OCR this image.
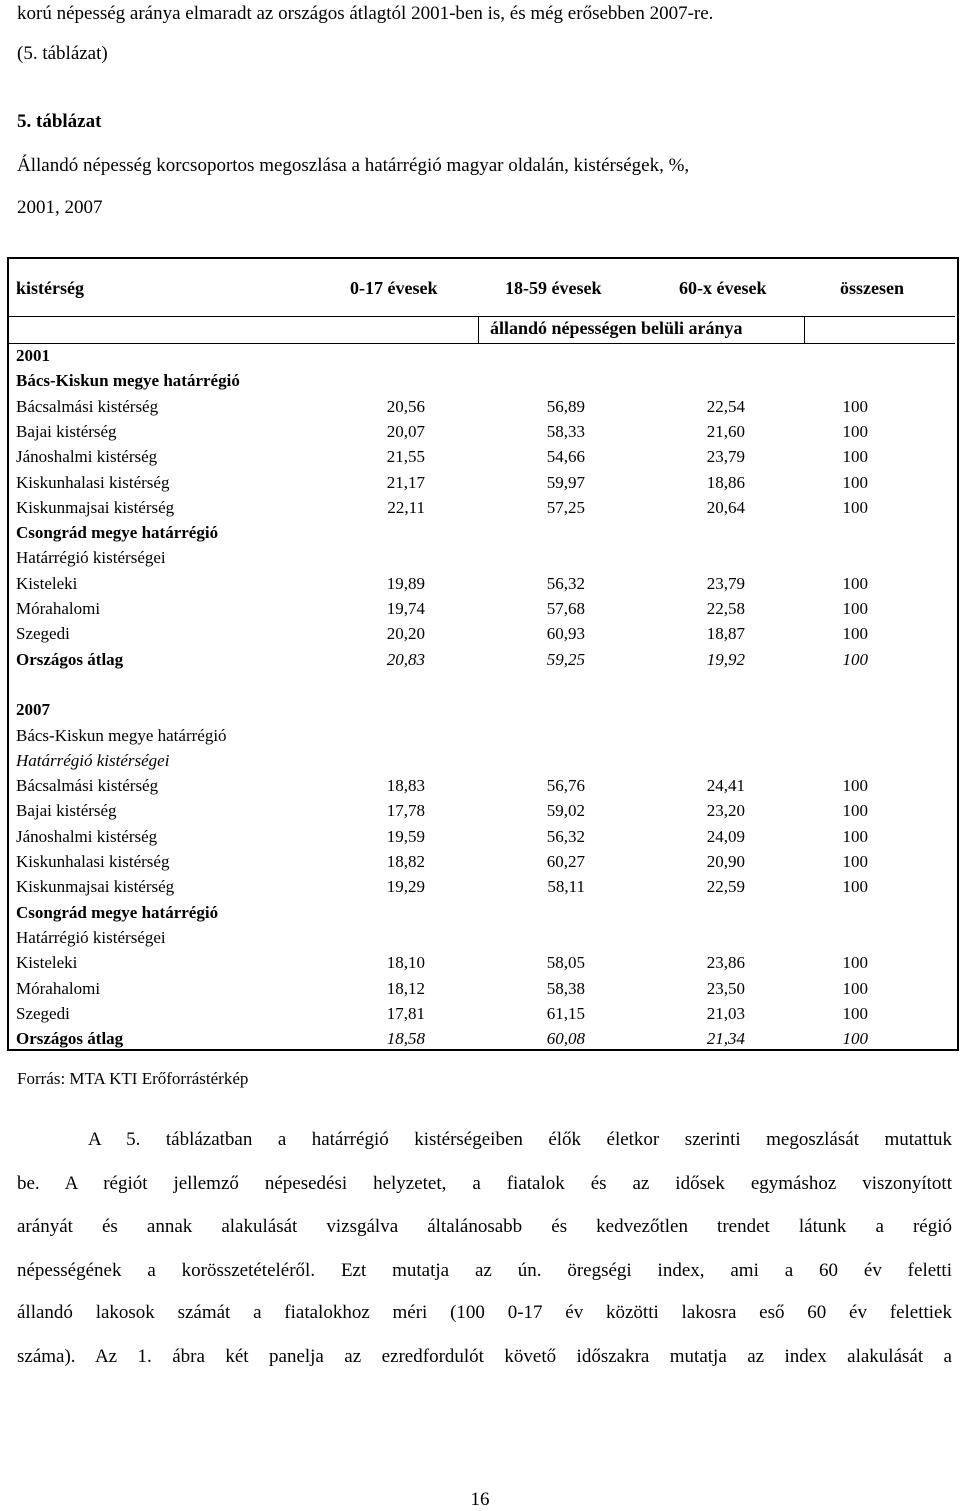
korú népesség aránya elmaradt az országos átlagtól 2001-ben is, és még erősebben 2007-re.
(5. táblázat)
5. táblázat
Állandó népesség korcsoportos megoszlása a határrégió magyar oldalán, kistérségek, %,
2001, 2007
kistérség	0-17 évesek	18-59 évesek	60-x évesek	összesen
állandó népességen belüli aránya
2001
Bács-Kiskun megye határrégió
Bácsalmási kistérség	20,56	56,89	22,54	100
Bajai kistérség	20,07	58,33	21,60	100
Jánoshalmi kistérség	21,55	54,66	23,79	100
Kiskunhalasi kistérség	21,17	59,97	18,86	100
Kiskunmajsai kistérség	22,11	57,25	20,64	100
Csongrád megye határrégió
Határrégió kistérségei
Kisteleki	19,89	56,32	23,79	100
Mórahalomi	19,74	57,68	22,58	100
Szegedi	20,20	60,93	18,87	100
Országos átlag	20,83	59,25	19,92	100
2007
Bács-Kiskun megye határrégió
Határrégió kistérségei
Bácsalmási kistérség	18,83	56,76	24,41	100
Bajai kistérség	17,78	59,02	23,20	100
Jánoshalmi kistérség	19,59	56,32	24,09	100
Kiskunhalasi kistérség	18,82	60,27	20,90	100
Kiskunmajsai kistérség	19,29	58,11	22,59	100
Csongrád megye határrégió
Határrégió kistérségei
Kisteleki	18,10	58,05	23,86	100
Mórahalomi	18,12	58,38	23,50	100
Szegedi	17,81	61,15	21,03	100
Országos átlag	18,58	60,08	21,34	100
Forrás: MTA KTI Erőforrástérkép
A 5. táblázatban a határrégió kistérségeiben élők életkor szerinti megoszlását mutattuk
be. A régiót jellemző népesedési helyzetet, a fiatalok és az idősek egymáshoz viszonyított
arányát és annak alakulását vizsgálva általánosabb és kedvezőtlen trendet látunk a régió
népességének a korösszetételéről. Ezt mutatja az ún. öregségi index, ami a 60 év feletti
állandó lakosok számát a fiatalokhoz méri (100 0-17 év közötti lakosra eső 60 év felettiek
száma). Az 1. ábra két panelja az ezredfordulót követő időszakra mutatja az index alakulását a
16
